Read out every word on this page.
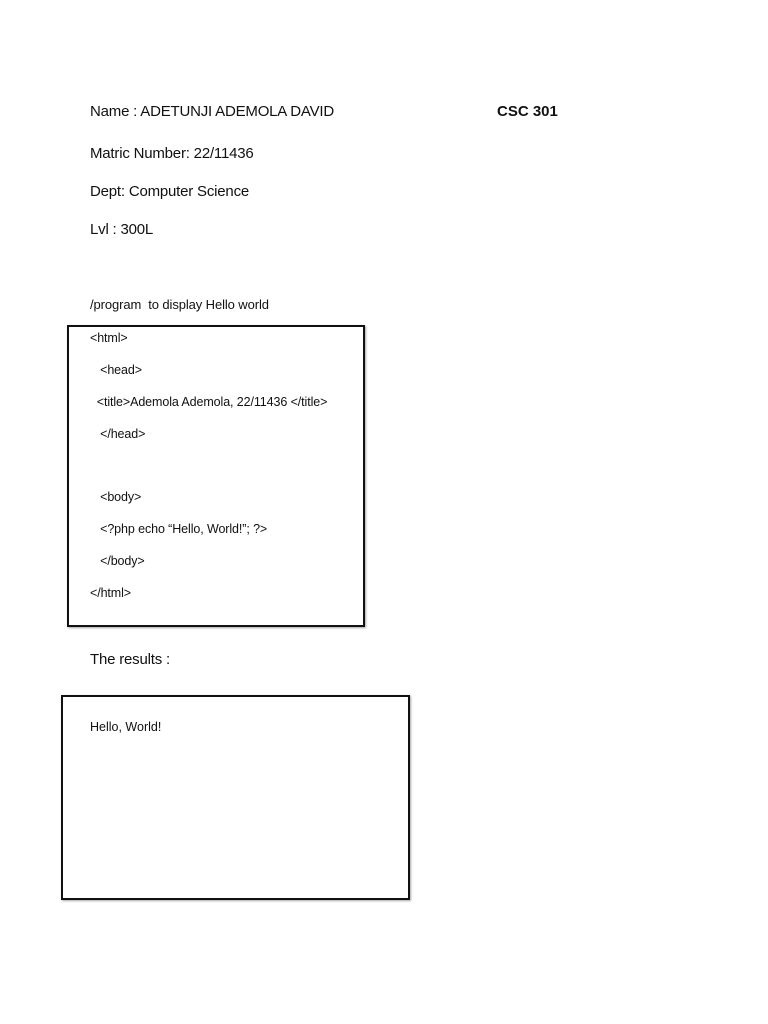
Name : ADETUNJI ADEMOLA DAVID	CSC 301
Matric Number: 22/11436
Dept: Computer Science
Lvl : 300L
/program  to display Hello world
<html>
<head>
<title>Ademola Ademola, 22/11436 </title>
</head>
<body>
<?php echo “Hello, World!”; ?>
</body>
</html>
The results :
Hello, World!
